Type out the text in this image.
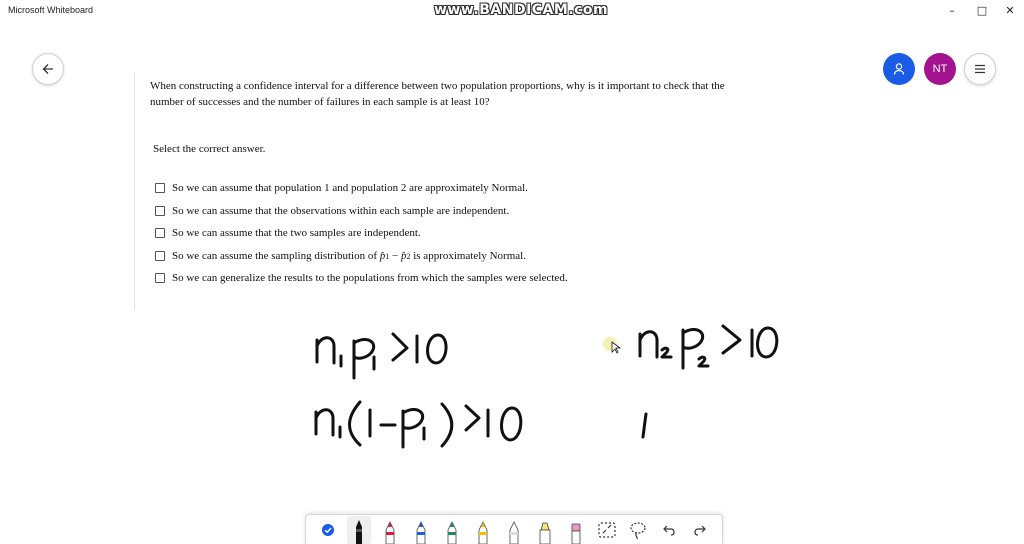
Microsoft Whiteboard	www.BANDICAM.com	–	□	✕
NT

When constructing a confidence interval for a difference between two population proportions, why is it important to check that the number of successes and the number of failures in each sample is at least 10?

Select the correct answer.
So we can assume that population 1 and population 2 are approximately Normal.
So we can assume that the observations within each sample are independent.
So we can assume that the two samples are independent.
So we can assume the sampling distribution of
p̂ 1
−
p̂ 2
is approximately Normal.
So we can generalize the results to the populations from which the samples were selected.
